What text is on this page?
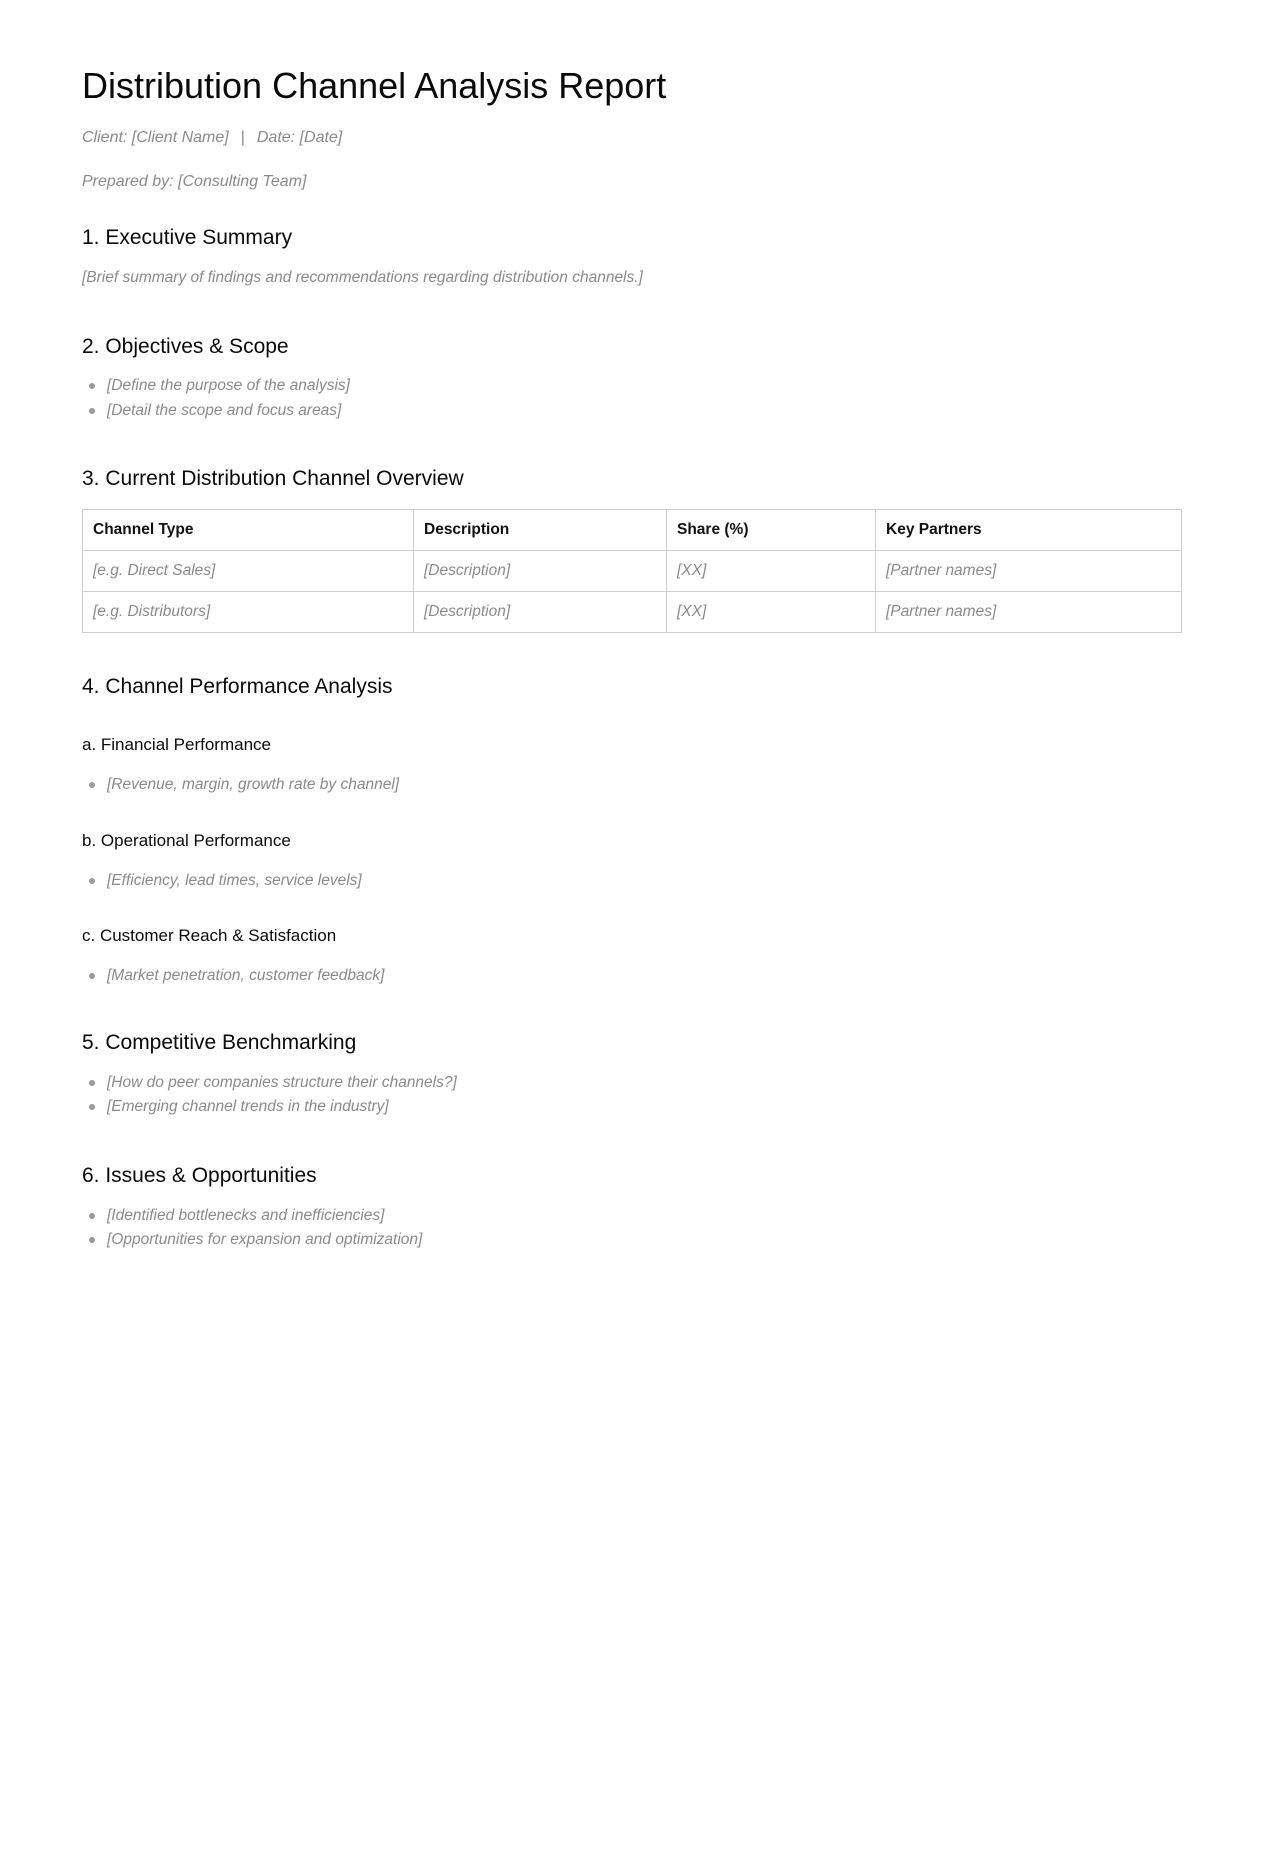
Distribution Channel Analysis Report

Client: [Client Name] | Date: [Date]

Prepared by: [Consulting Team]

1. Executive Summary

[Brief summary of findings and recommendations regarding distribution channels.]

2. Objectives & Scope
[Define the purpose of the analysis]
[Detail the scope and focus areas]
3. Current Distribution Channel Overview
Channel Type	Description	Share (%)	Key Partners
[e.g. Direct Sales]	[Description]	[XX]	[Partner names]
[e.g. Distributors]	[Description]	[XX]	[Partner names]
4. Channel Performance Analysis
a. Financial Performance
[Revenue, margin, growth rate by channel]
b. Operational Performance
[Efficiency, lead times, service levels]
c. Customer Reach & Satisfaction
[Market penetration, customer feedback]
5. Competitive Benchmarking
[How do peer companies structure their channels?]
[Emerging channel trends in the industry]
6. Issues & Opportunities
[Identified bottlenecks and inefficiencies]
[Opportunities for expansion and optimization]
